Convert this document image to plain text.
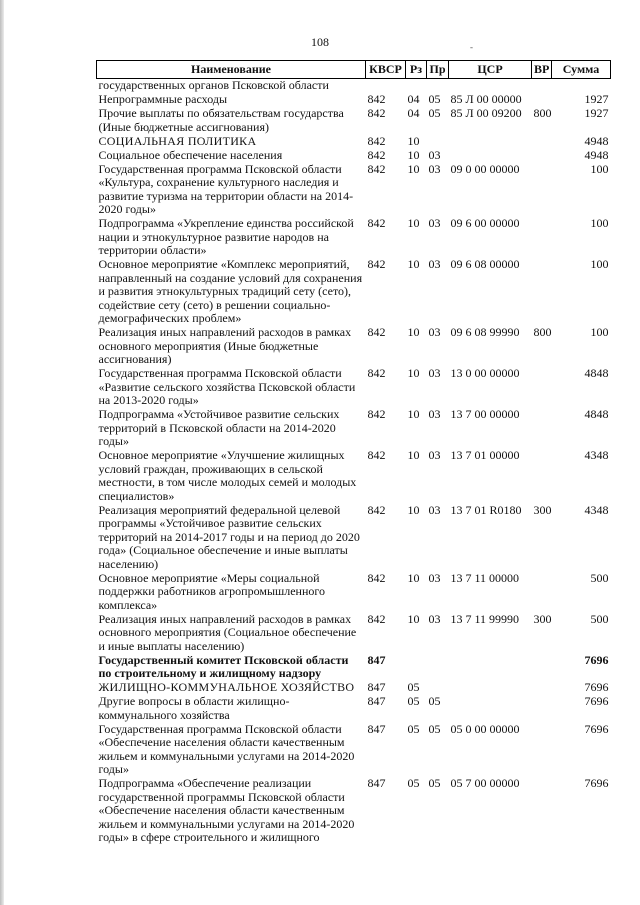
108	-
Наименование	КВСР	Рз	Пр	ЦСР	ВР	Сумма
государственных органов Псковской области						
Непрограммные расходы	842	04	05	85 Л 00 00000		1927
Прочие выплаты по обязательствам государства (Иные бюджетные ассигнования)	842	04	05	85 Л 00 09200	800	1927
СОЦИАЛЬНАЯ ПОЛИТИКА	842	10				4948
Социальное обеспечение населения	842	10	03			4948
Государственная программа Псковской области «Культура, сохранение культурного наследия и развитие туризма на территории области на 2014-2020 годы»	842	10	03	09 0 00 00000		100
Подпрограмма «Укрепление единства российской нации и этнокультурное развитие народов на территории области»	842	10	03	09 6 00 00000		100
Основное мероприятие «Комплекс мероприятий, направленный на создание условий для сохранения и развития этнокультурных традиций сету (сето), содействие сету (сето) в решении социально-демографических проблем»	842	10	03	09 6 08 00000		100
Реализация иных направлений расходов в рамках основного мероприятия (Иные бюджетные ассигнования)	842	10	03	09 6 08 99990	800	100
Государственная программа Псковской области «Развитие сельского хозяйства Псковской области на 2013-2020 годы»	842	10	03	13 0 00 00000		4848
Подпрограмма «Устойчивое развитие сельских территорий в Псковской области на 2014-2020 годы»	842	10	03	13 7 00 00000		4848
Основное мероприятие «Улучшение жилищных условий граждан, проживающих в сельской местности, в том числе молодых семей и молодых специалистов»	842	10	03	13 7 01 00000		4348
Реализация мероприятий федеральной целевой программы «Устойчивое развитие сельских территорий на 2014-2017 годы и на период до 2020 года» (Социальное обеспечение и иные выплаты населению)	842	10	03	13 7 01 R0180	300	4348
Основное мероприятие «Меры социальной поддержки работников агропромышленного комплекса»	842	10	03	13 7 11 00000		500
Реализация иных направлений расходов в рамках основного мероприятия (Социальное обеспечение и иные выплаты населению)	842	10	03	13 7 11 99990	300	500
Государственный комитет Псковской области по строительному и жилищному надзору	847					7696
ЖИЛИЩНО-КОММУНАЛЬНОЕ ХОЗЯЙСТВО	847	05				7696
Другие вопросы в области жилищно-коммунального хозяйства	847	05	05			7696
Государственная программа Псковской области «Обеспечение населения области качественным жильем и коммунальными услугами на 2014-2020 годы»	847	05	05	05 0 00 00000		7696
Подпрограмма «Обеспечение реализации государственной программы Псковской области «Обеспечение населения области качественным жильем и коммунальными услугами на 2014-2020 годы» в сфере строительного и жилищного	847	05	05	05 7 00 00000		7696
